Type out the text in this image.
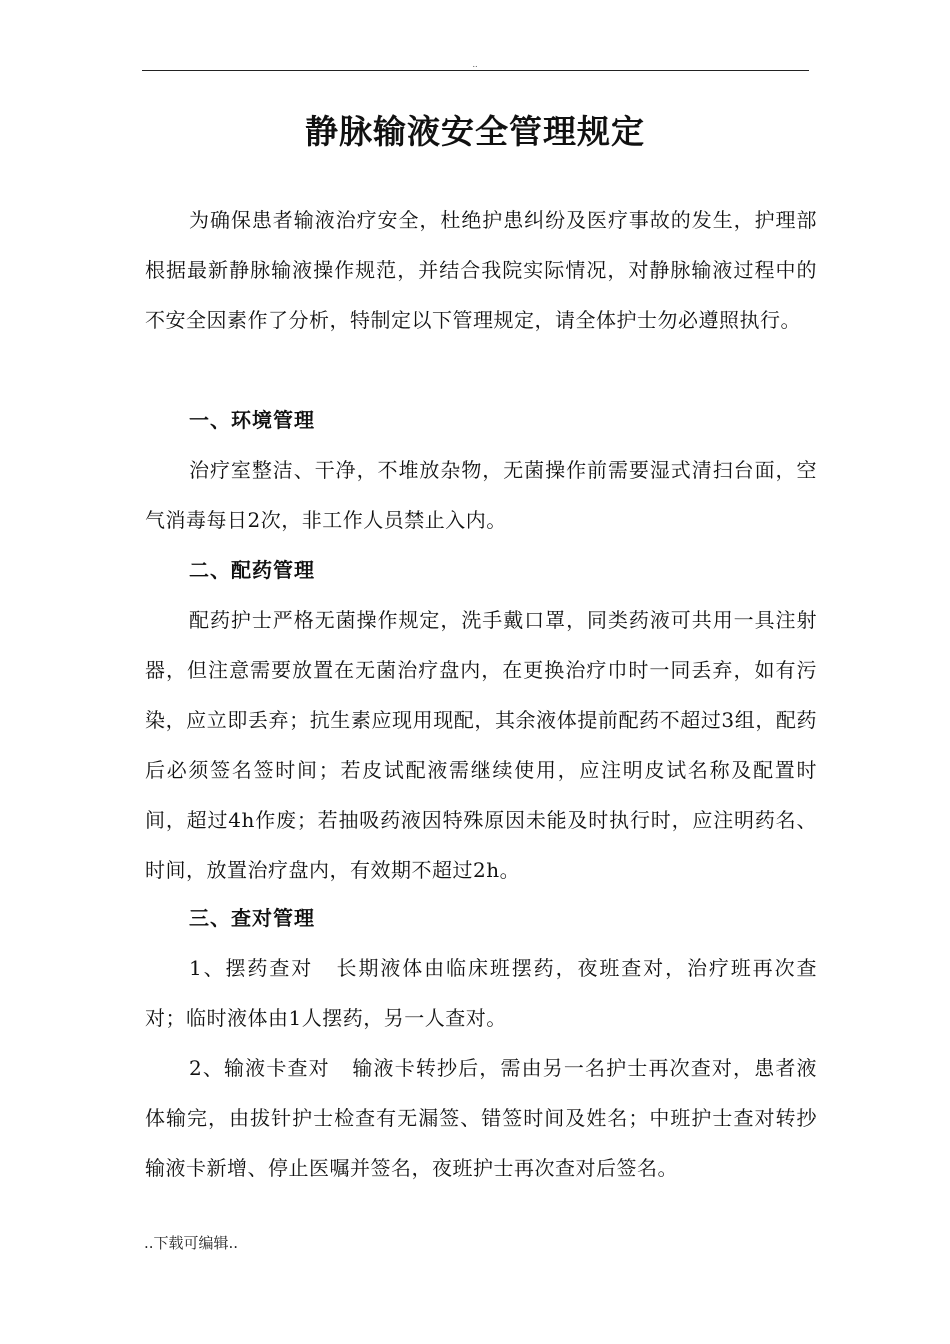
..
静脉输液安全管理规定

为确保患者输液治疗安全，杜绝护患纠纷及医疗事故的发生，护理部根据最新静脉输液操作规范，并结合我院实际情况，对静脉输液过程中的不安全因素作了分析，特制定以下管理规定，请全体护士勿必遵照执行。

一、环境管理

治疗室整洁、干净，不堆放杂物，无菌操作前需要湿式清扫台面，空气消毒每日2次，非工作人员禁止入内。

二、配药管理

配药护士严格无菌操作规定，洗手戴口罩，同类药液可共用一具注射器，但注意需要放置在无菌治疗盘内，在更换治疗巾时一同丢弃，如有污染，应立即丢弃；抗生素应现用现配，其余液体提前配药不超过3组，配药后必须签名签时间；若皮试配液需继续使用，应注明皮试名称及配置时间，超过4h作废；若抽吸药液因特殊原因未能及时执行时，应注明药名、时间，放置治疗盘内，有效期不超过2h。

三、查对管理

1、摆药查对 长期液体由临床班摆药，夜班查对，治疗班再次查对；临时液体由1人摆药，另一人查对。

2、输液卡查对 输液卡转抄后，需由另一名护士再次查对，患者液体输完，由拔针护士检查有无漏签、错签时间及姓名；中班护士查对转抄输液卡新增、停止医嘱并签名，夜班护士再次查对后签名。

..下载可编辑..
